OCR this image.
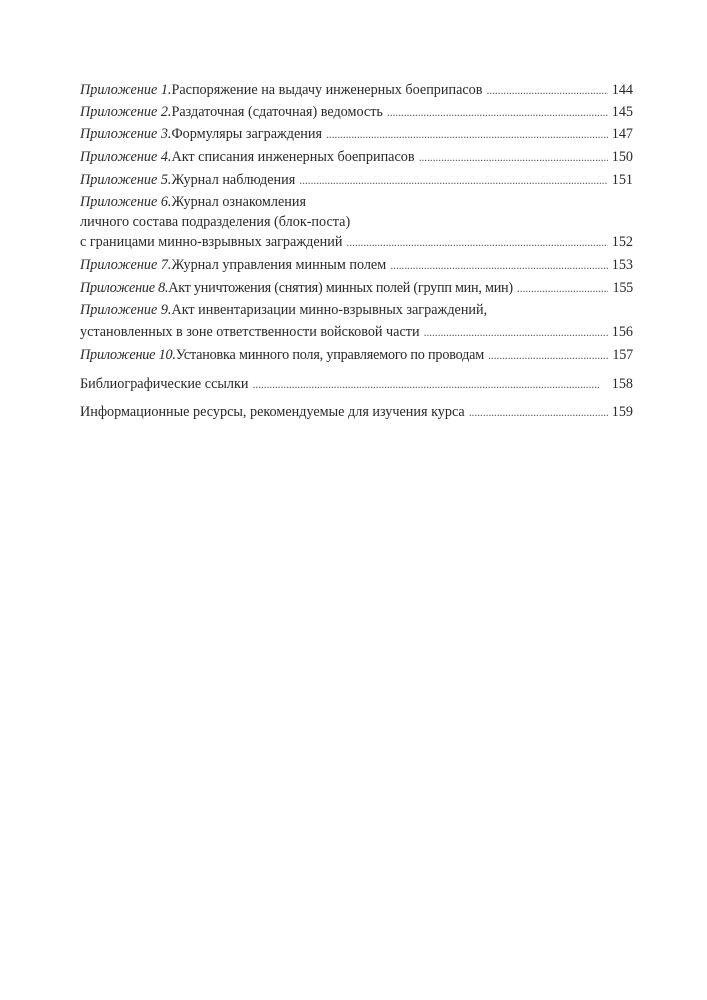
Приложение 1. Распоряжение на выдачу инженерных боеприпасов . . .	144
Приложение 2. Раздаточная (сдаточная) ведомость . . .	145
Приложение 3. Формуляры заграждения . . .	147
Приложение 4. Акт списания инженерных боеприпасов . . .	150
Приложение 5. Журнал наблюдения . . .	151
Приложение 6. Журнал ознакомления
личного состава подразделения (блок-поста)
с границами минно-взрывных заграждений . . .	152
Приложение 7. Журнал управления минным полем . . .	153
Приложение 8. Акт уничтожения (снятия) минных полей (групп мин, мин) . . .	155
Приложение 9. Акт инвентаризации минно-взрывных заграждений,
установленных в зоне ответственности войсковой части . . .	156
Приложение 10. Установка минного поля, управляемого по проводам . . .	157
Библиографические ссылки . . .	158
Информационные ресурсы, рекомендуемые для изучения курса . . .	159
